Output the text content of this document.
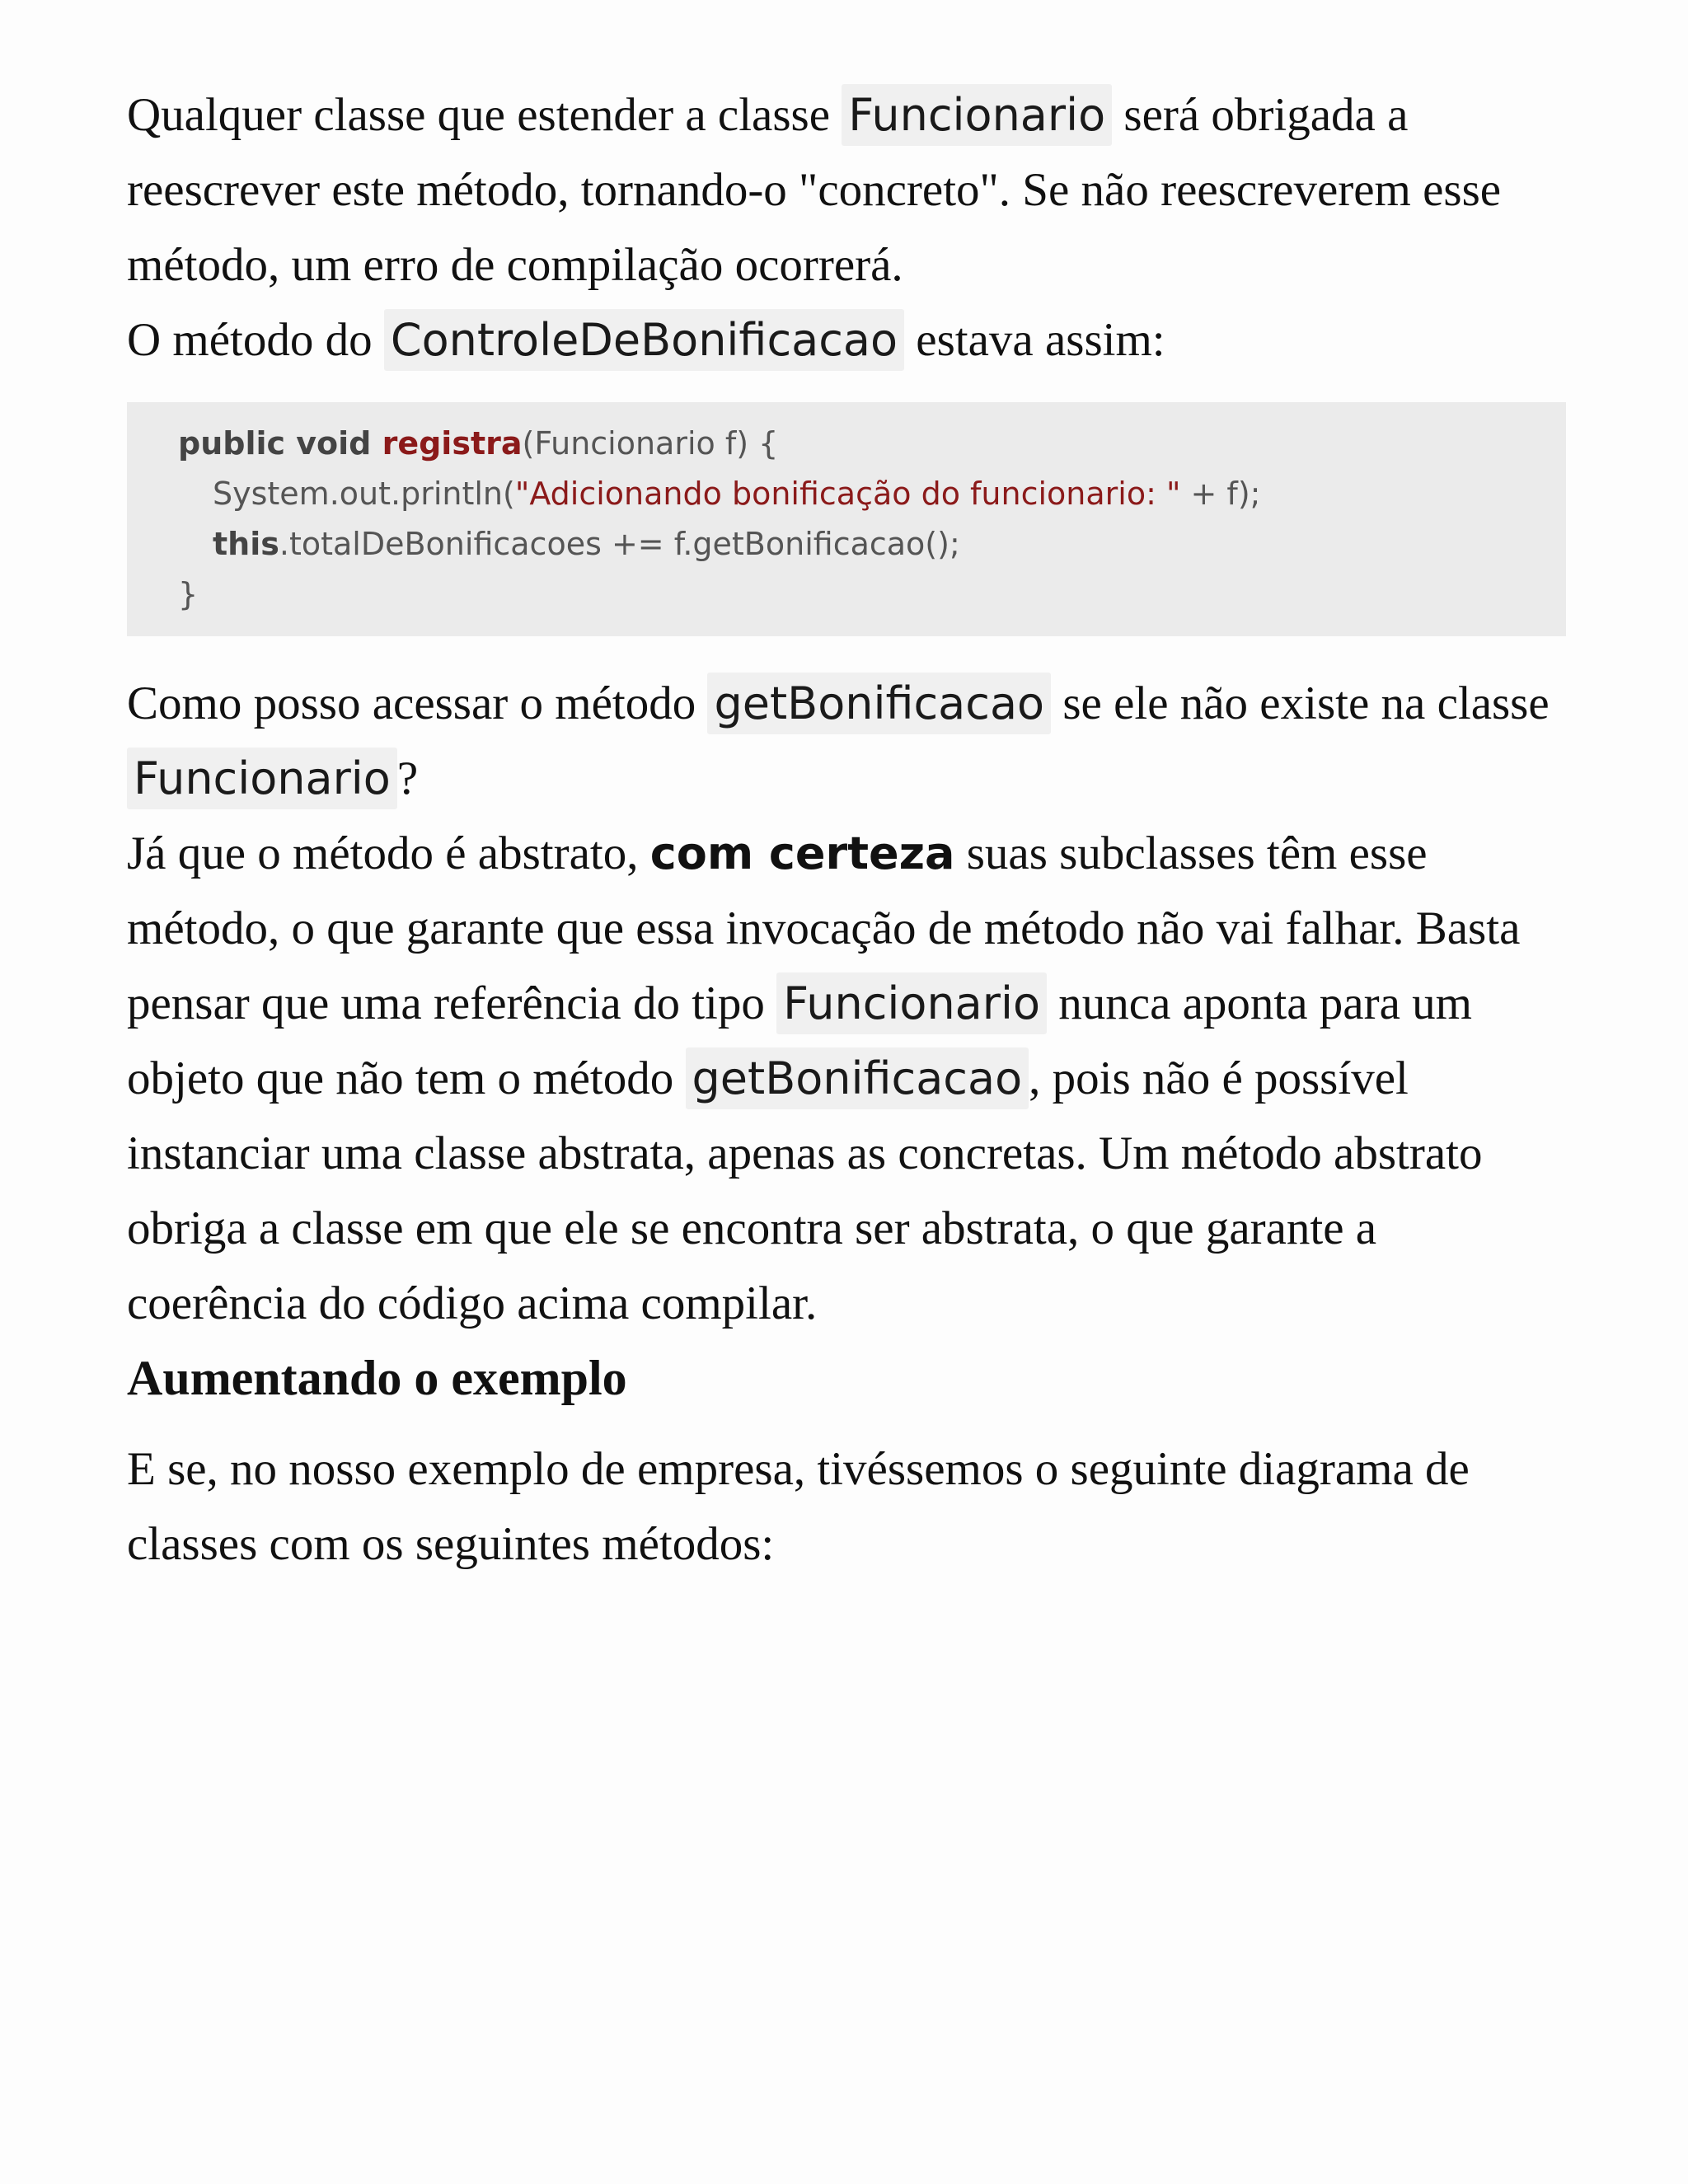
Qualquer classe que estender a classe Funcionario será obrigada a reescrever este método, tornando-o "concreto". Se não reescreverem esse método, um erro de compilação ocorrerá.

O método do ControleDeBonificacao estava assim:

public void registra(Funcionario f) {
System.out.println("Adicionando bonificação do funcionario: " + f);
this.totalDeBonificacoes += f.getBonificacao();
}

Como posso acessar o método getBonificacao se ele não existe na classe Funcionario ?

Já que o método é abstrato, com certeza suas subclasses têm esse método, o que garante que essa invocação de método não vai falhar. Basta pensar que uma referência do tipo Funcionario nunca aponta para um objeto que não tem o método getBonificacao , pois não é possível instanciar uma classe abstrata, apenas as concretas. Um método abstrato obriga a classe em que ele se encontra ser abstrata, o que garante a coerência do código acima compilar.

Aumentando o exemplo

E se, no nosso exemplo de empresa, tivéssemos o seguinte diagrama de classes com os seguintes métodos:
